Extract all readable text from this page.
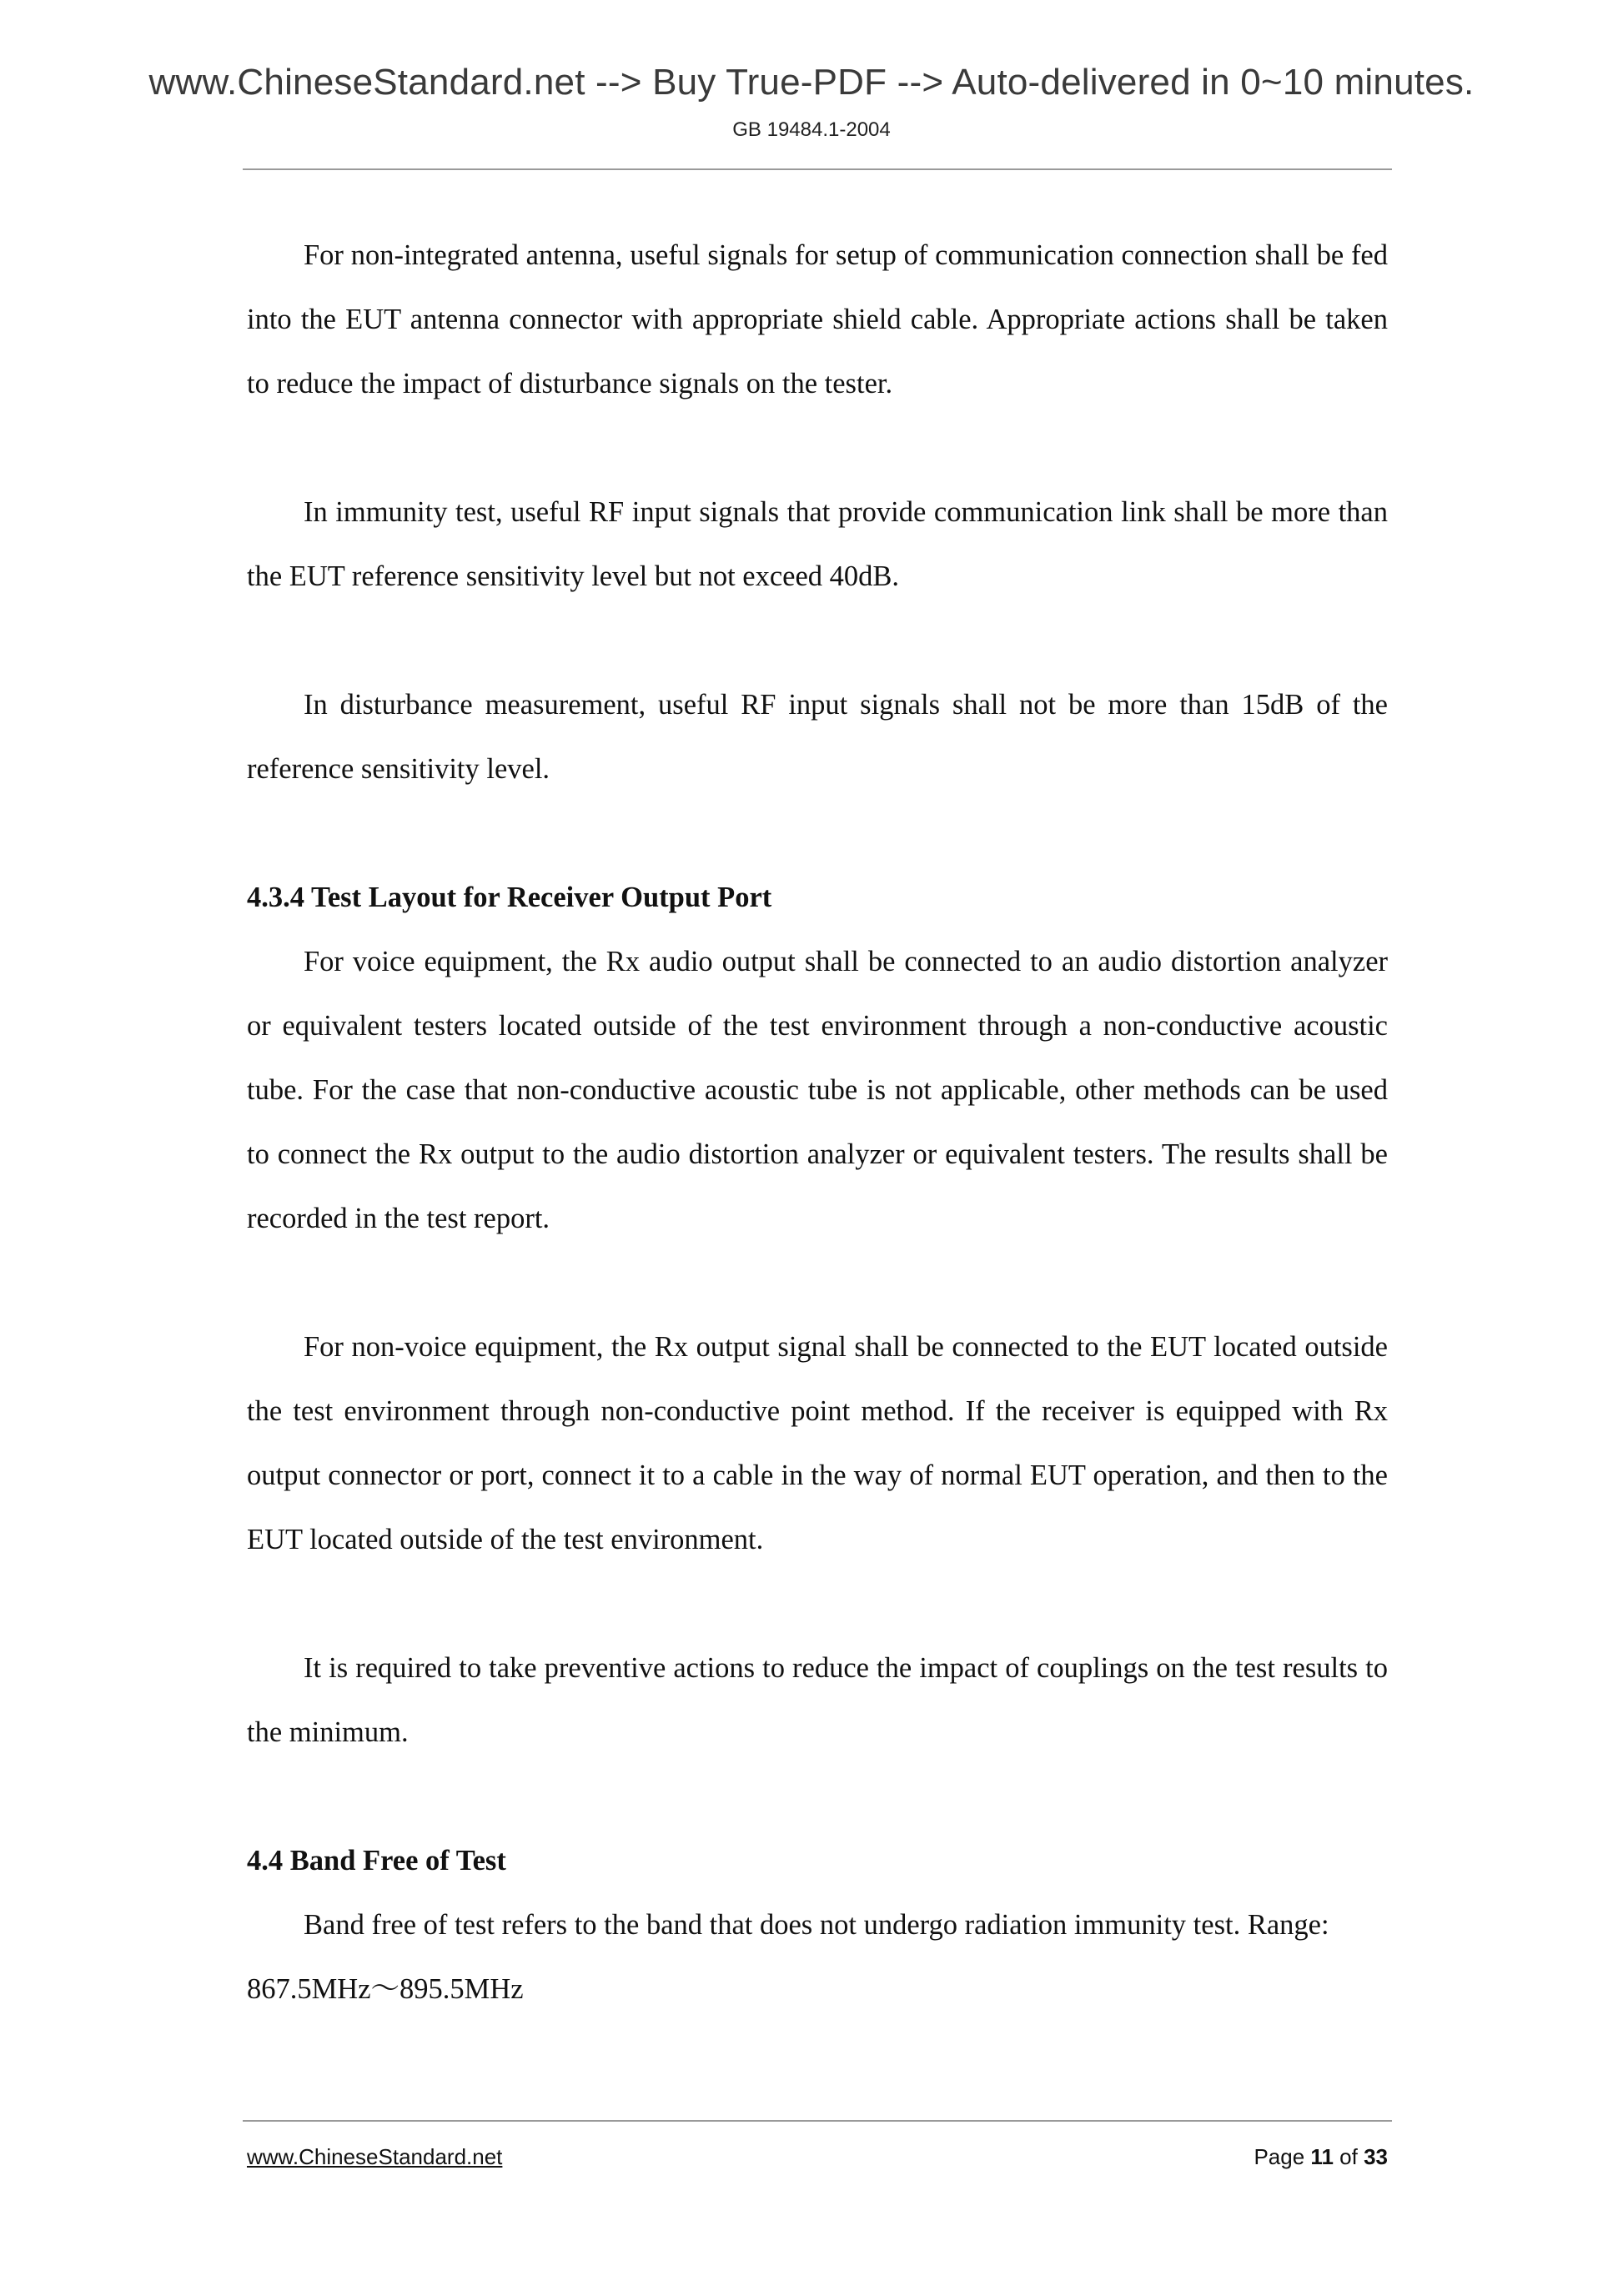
www.ChineseStandard.net --> Buy True-PDF --> Auto-delivered in 0~10 minutes.
GB 19484.1-2004

For non-integrated antenna, useful signals for setup of communication connection shall be fed into the EUT antenna connector with appropriate shield cable. Appropriate actions shall be taken to reduce the impact of disturbance signals on the tester.

In immunity test, useful RF input signals that provide communication link shall be more than the EUT reference sensitivity level but not exceed 40dB.

In disturbance measurement, useful RF input signals shall not be more than 15dB of the reference sensitivity level.

4.3.4 Test Layout for Receiver Output Port

For voice equipment, the Rx audio output shall be connected to an audio distortion analyzer or equivalent testers located outside of the test environment through a non-conductive acoustic tube. For the case that non-conductive acoustic tube is not applicable, other methods can be used to connect the Rx output to the audio distortion analyzer or equivalent testers. The results shall be recorded in the test report.

For non-voice equipment, the Rx output signal shall be connected to the EUT located outside the test environment through non-conductive point method. If the receiver is equipped with Rx output connector or port, connect it to a cable in the way of normal EUT operation, and then to the EUT located outside of the test environment.

It is required to take preventive actions to reduce the impact of couplings on the test results to the minimum.

4.4 Band Free of Test

Band free of test refers to the band that does not undergo radiation immunity test. Range:

867.5MHz～895.5MHz

www.ChineseStandard.net	Page 11 of 33
